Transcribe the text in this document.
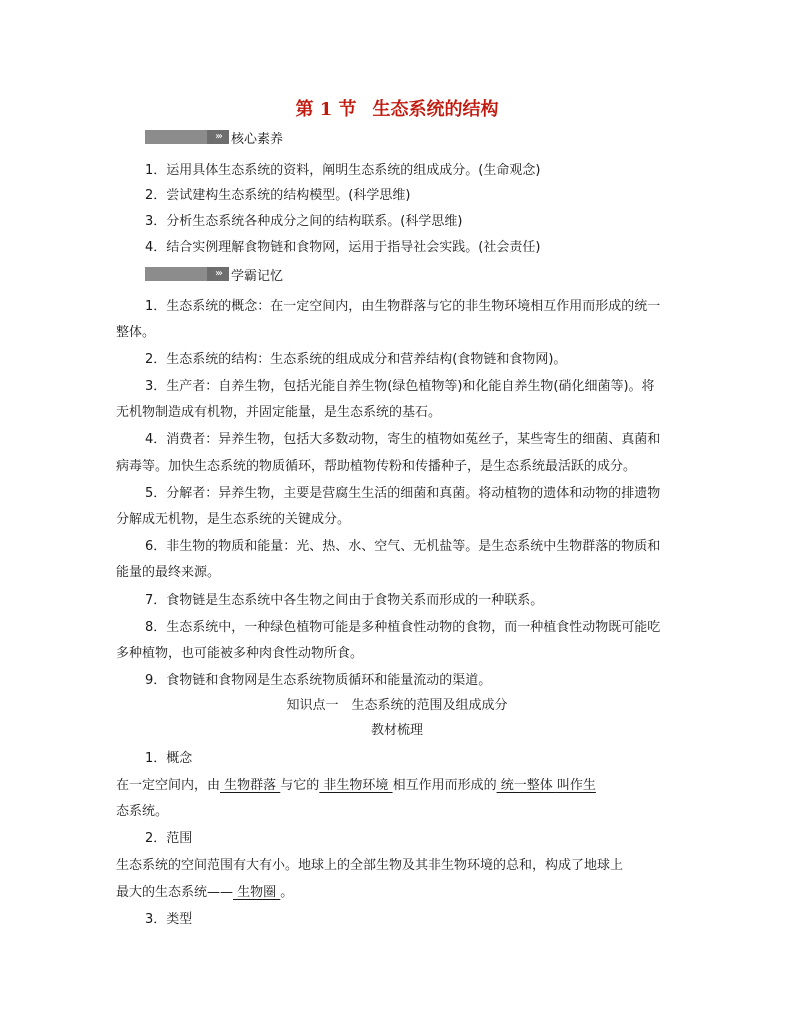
第 1 节 生态系统的结构
››› 核心素养
1．运用具体生态系统的资料，阐明生态系统的组成成分。(生命观念)
2．尝试建构生态系统的结构模型。(科学思维)
3．分析生态系统各种成分之间的结构联系。(科学思维)
4．结合实例理解食物链和食物网，运用于指导社会实践。(社会责任)
››› 学霸记忆
1．生态系统的概念：在一定空间内，由生物群落与它的非生物环境相互作用而形成的统一
整体。
2．生态系统的结构：生态系统的组成成分和营养结构(食物链和食物网)。
3．生产者：自养生物，包括光能自养生物(绿色植物等)和化能自养生物(硝化细菌等)。将
无机物制造成有机物，并固定能量，是生态系统的基石。
4．消费者：异养生物，包括大多数动物，寄生的植物如菟丝子，某些寄生的细菌、真菌和
病毒等。加快生态系统的物质循环，帮助植物传粉和传播种子，是生态系统最活跃的成分。
5．分解者：异养生物，主要是营腐生生活的细菌和真菌。将动植物的遗体和动物的排遗物
分解成无机物，是生态系统的关键成分。
6．非生物的物质和能量：光、热、水、空气、无机盐等。是生态系统中生物群落的物质和
能量的最终来源。
7．食物链是生态系统中各生物之间由于食物关系而形成的一种联系。
8．生态系统中，一种绿色植物可能是多种植食性动物的食物，而一种植食性动物既可能吃
多种植物，也可能被多种肉食性动物所食。
9．食物链和食物网是生态系统物质循环和能量流动的渠道。
知识点一　生态系统的范围及组成成分
教材梳理
1．概念
在一定空间内，由 生物群落 与它的 非生物环境 相互作用而形成的 统一整体 叫作生
态系统。
2．范围
生态系统的空间范围有大有小。地球上的全部生物及其非生物环境的总和，构成了地球上
最大的生态系统—— 生物圈 。
3．类型
